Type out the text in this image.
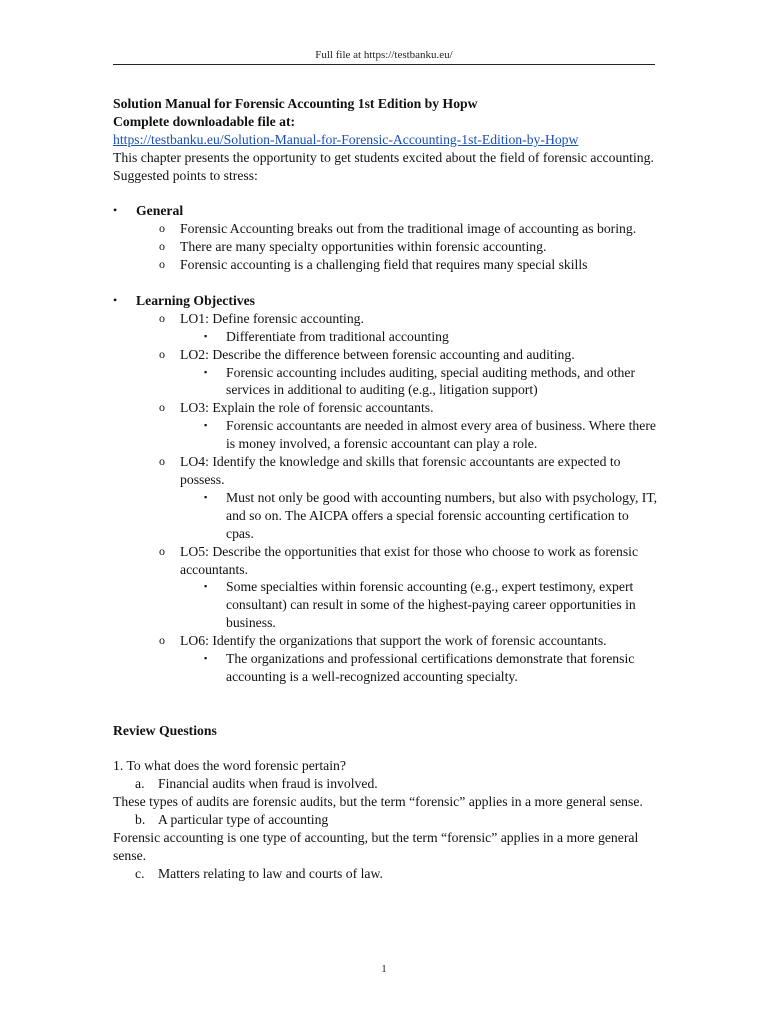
Full file at https://testbanku.eu/
Solution Manual for Forensic Accounting 1st Edition by Hopw
Complete downloadable file at:
https://testbanku.eu/Solution-Manual-for-Forensic-Accounting-1st-Edition-by-Hopw
This chapter presents the opportunity to get students excited about the field of forensic accounting. Suggested points to stress:
• General
o Forensic Accounting breaks out from the traditional image of accounting as boring.
o There are many specialty opportunities within forensic accounting.
o Forensic accounting is a challenging field that requires many special skills
• Learning Objectives
o LO1: Define forensic accounting.
▪ Differentiate from traditional accounting
o LO2: Describe the difference between forensic accounting and auditing.
▪ Forensic accounting includes auditing, special auditing methods, and other services in additional to auditing (e.g., litigation support)
o LO3: Explain the role of forensic accountants.
▪ Forensic accountants are needed in almost every area of business. Where there is money involved, a forensic accountant can play a role.
o LO4: Identify the knowledge and skills that forensic accountants are expected to possess.
▪ Must not only be good with accounting numbers, but also with psychology, IT, and so on. The AICPA offers a special forensic accounting certification to cpas.
o LO5: Describe the opportunities that exist for those who choose to work as forensic accountants.
▪ Some specialties within forensic accounting (e.g., expert testimony, expert consultant) can result in some of the highest-paying career opportunities in business.
o LO6: Identify the organizations that support the work of forensic accountants.
▪ The organizations and professional certifications demonstrate that forensic accounting is a well-recognized accounting specialty.
Review Questions
1. To what does the word forensic pertain?
a. Financial audits when fraud is involved.
These types of audits are forensic audits, but the term “forensic” applies in a more general sense.
b. A particular type of accounting
Forensic accounting is one type of accounting, but the term “forensic” applies in a more general sense.
c. Matters relating to law and courts of law.
1
